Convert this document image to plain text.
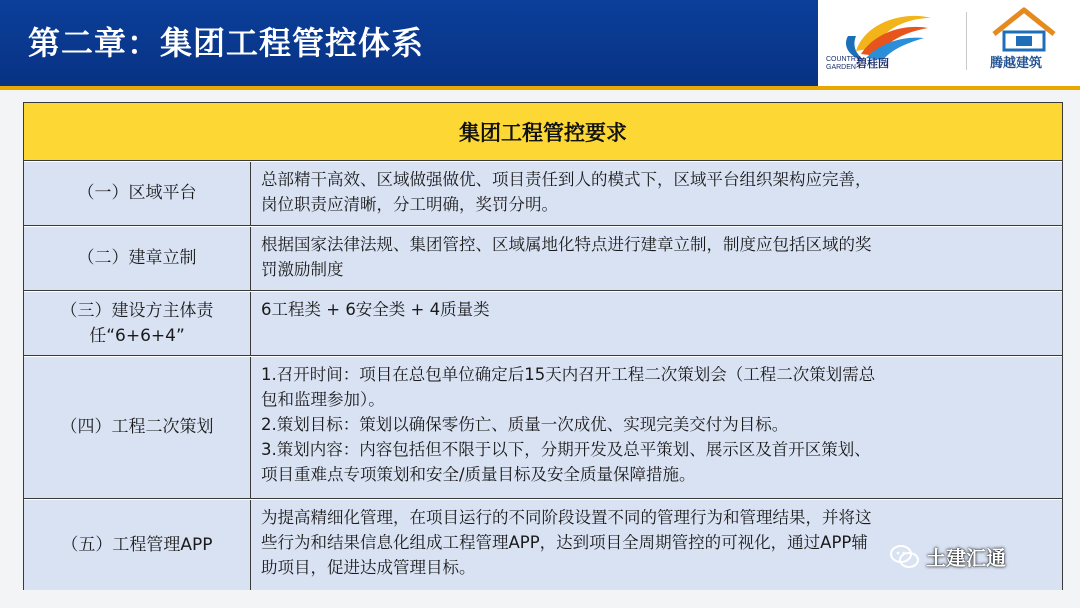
第二章：集团工程管控体系	COUNTRY
GARDEN 碧桂园	腾越建筑
集团工程管控要求
（一）区域平台
总部精干高效、区域做强做优、项目责任到人的模式下，区域平台组织架构应完善，
岗位职责应清晰，分工明确，奖罚分明。
（二）建章立制
根据国家法律法规、集团管控、区域属地化特点进行建章立制，制度应包括区域的奖
罚激励制度
（三）建设方主体责任“6+6+4”
6工程类 + 6安全类 + 4质量类
（四）工程二次策划
1.召开时间：项目在总包单位确定后15天内召开工程二次策划会（工程二次策划需总
包和监理参加）。
2.策划目标：策划以确保零伤亡、质量一次成优、实现完美交付为目标。
3.策划内容：内容包括但不限于以下，分期开发及总平策划、展示区及首开区策划、
项目重难点专项策划和安全/质量目标及安全质量保障措施。
（五）工程管理APP
为提高精细化管理，在项目运行的不同阶段设置不同的管理行为和管理结果，并将这
些行为和结果信息化组成工程管理APP，达到项目全周期管控的可视化，通过APP辅
助项目，促进达成管理目标。	土建汇通
